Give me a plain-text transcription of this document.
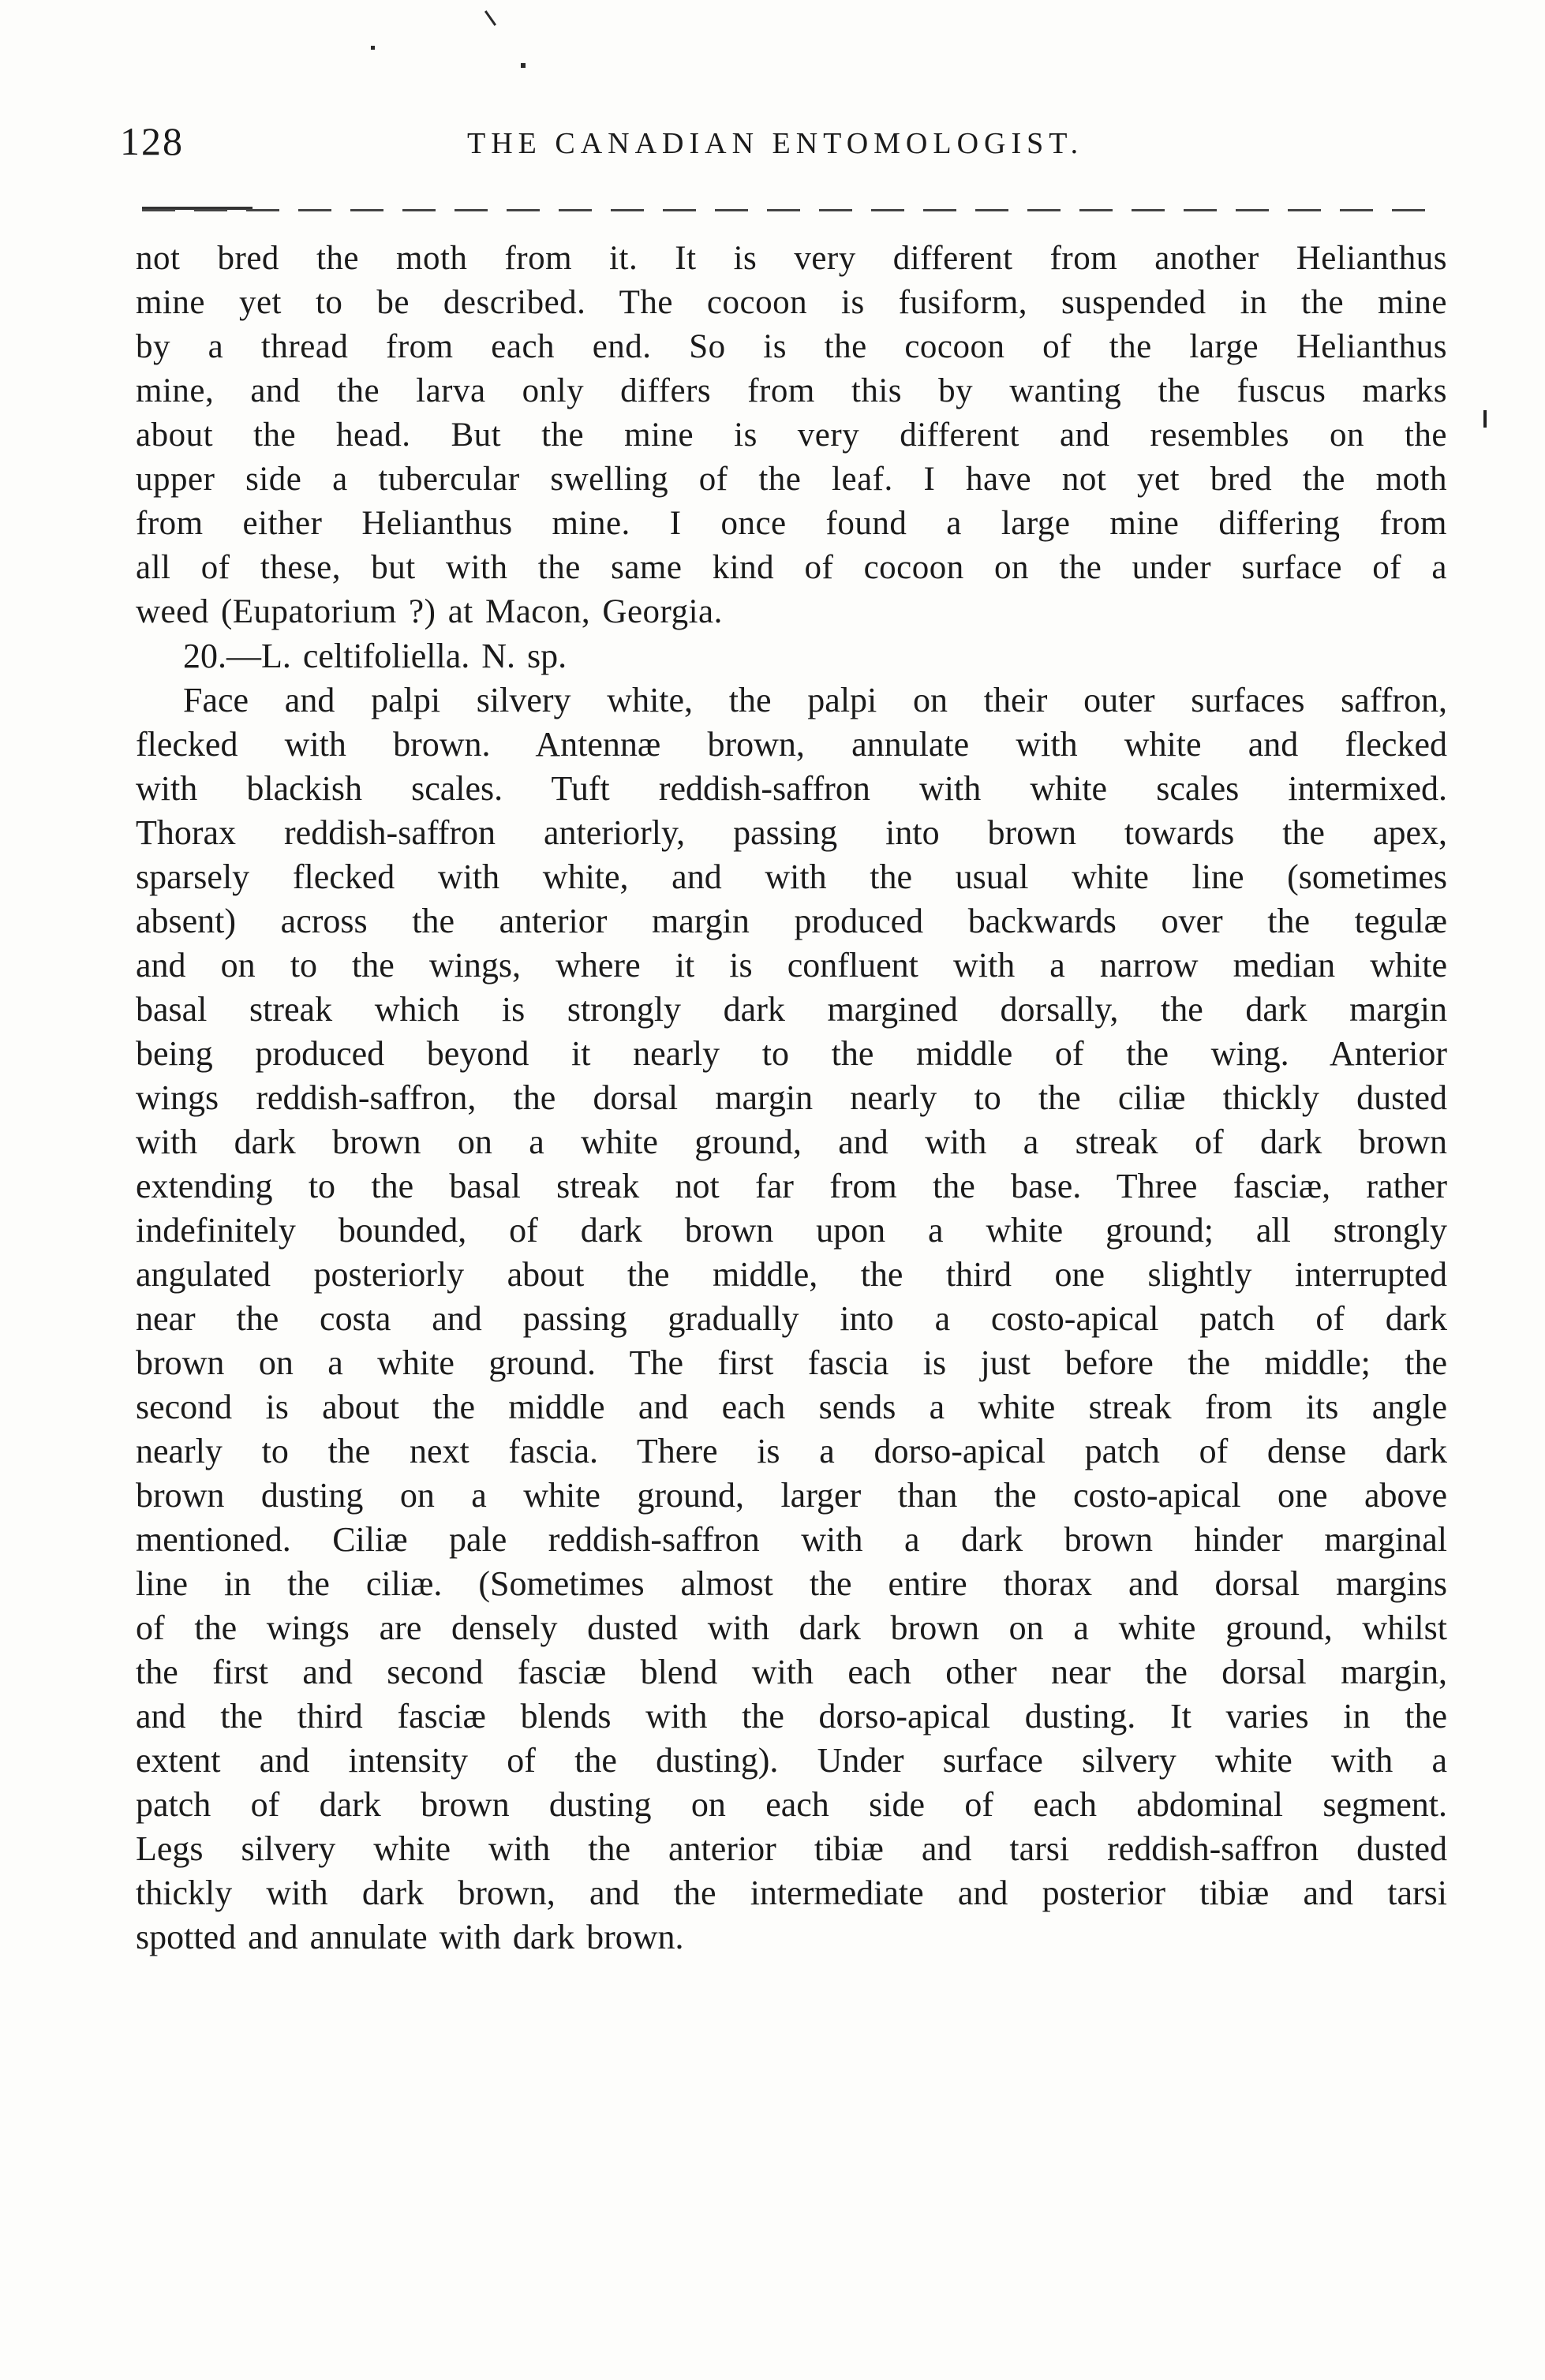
128	THE CANADIAN ENTOMOLOGIST.
not bred the moth from it. It is very different from another Helianthus
mine yet to be described. The cocoon is fusiform, suspended in the mine
by a thread from each end. So is the cocoon of the large Helianthus
mine, and the larva only differs from this by wanting the fuscus marks
about the head. But the mine is very different and resembles on the
upper side a tubercular swelling of the leaf. I have not yet bred the moth
from either Helianthus mine. I once found a large mine differing from
all of these, but with the same kind of cocoon on the under surface of a
weed (Eupatorium ?) at Macon, Georgia.
20.—L. celtifoliella. N. sp.
Face and palpi silvery white, the palpi on their outer surfaces saffron,
flecked with brown. Antennæ brown, annulate with white and flecked
with blackish scales. Tuft reddish-saffron with white scales intermixed.
Thorax reddish-saffron anteriorly, passing into brown towards the apex,
sparsely flecked with white, and with the usual white line (sometimes
absent) across the anterior margin produced backwards over the tegulæ
and on to the wings, where it is confluent with a narrow median white
basal streak which is strongly dark margined dorsally, the dark margin
being produced beyond it nearly to the middle of the wing. Anterior
wings reddish-saffron, the dorsal margin nearly to the ciliæ thickly dusted
with dark brown on a white ground, and with a streak of dark brown
extending to the basal streak not far from the base. Three fasciæ, rather
indefinitely bounded, of dark brown upon a white ground; all strongly
angulated posteriorly about the middle, the third one slightly interrupted
near the costa and passing gradually into a costo-apical patch of dark
brown on a white ground. The first fascia is just before the middle; the
second is about the middle and each sends a white streak from its angle
nearly to the next fascia. There is a dorso-apical patch of dense dark
brown dusting on a white ground, larger than the costo-apical one above
mentioned. Ciliæ pale reddish-saffron with a dark brown hinder marginal
line in the ciliæ. (Sometimes almost the entire thorax and dorsal margins
of the wings are densely dusted with dark brown on a white ground, whilst
the first and second fasciæ blend with each other near the dorsal margin,
and the third fasciæ blends with the dorso-apical dusting. It varies in the
extent and intensity of the dusting). Under surface silvery white with a
patch of dark brown dusting on each side of each abdominal segment.
Legs silvery white with the anterior tibiæ and tarsi reddish-saffron dusted
thickly with dark brown, and the intermediate and posterior tibiæ and tarsi
spotted and annulate with dark brown.
